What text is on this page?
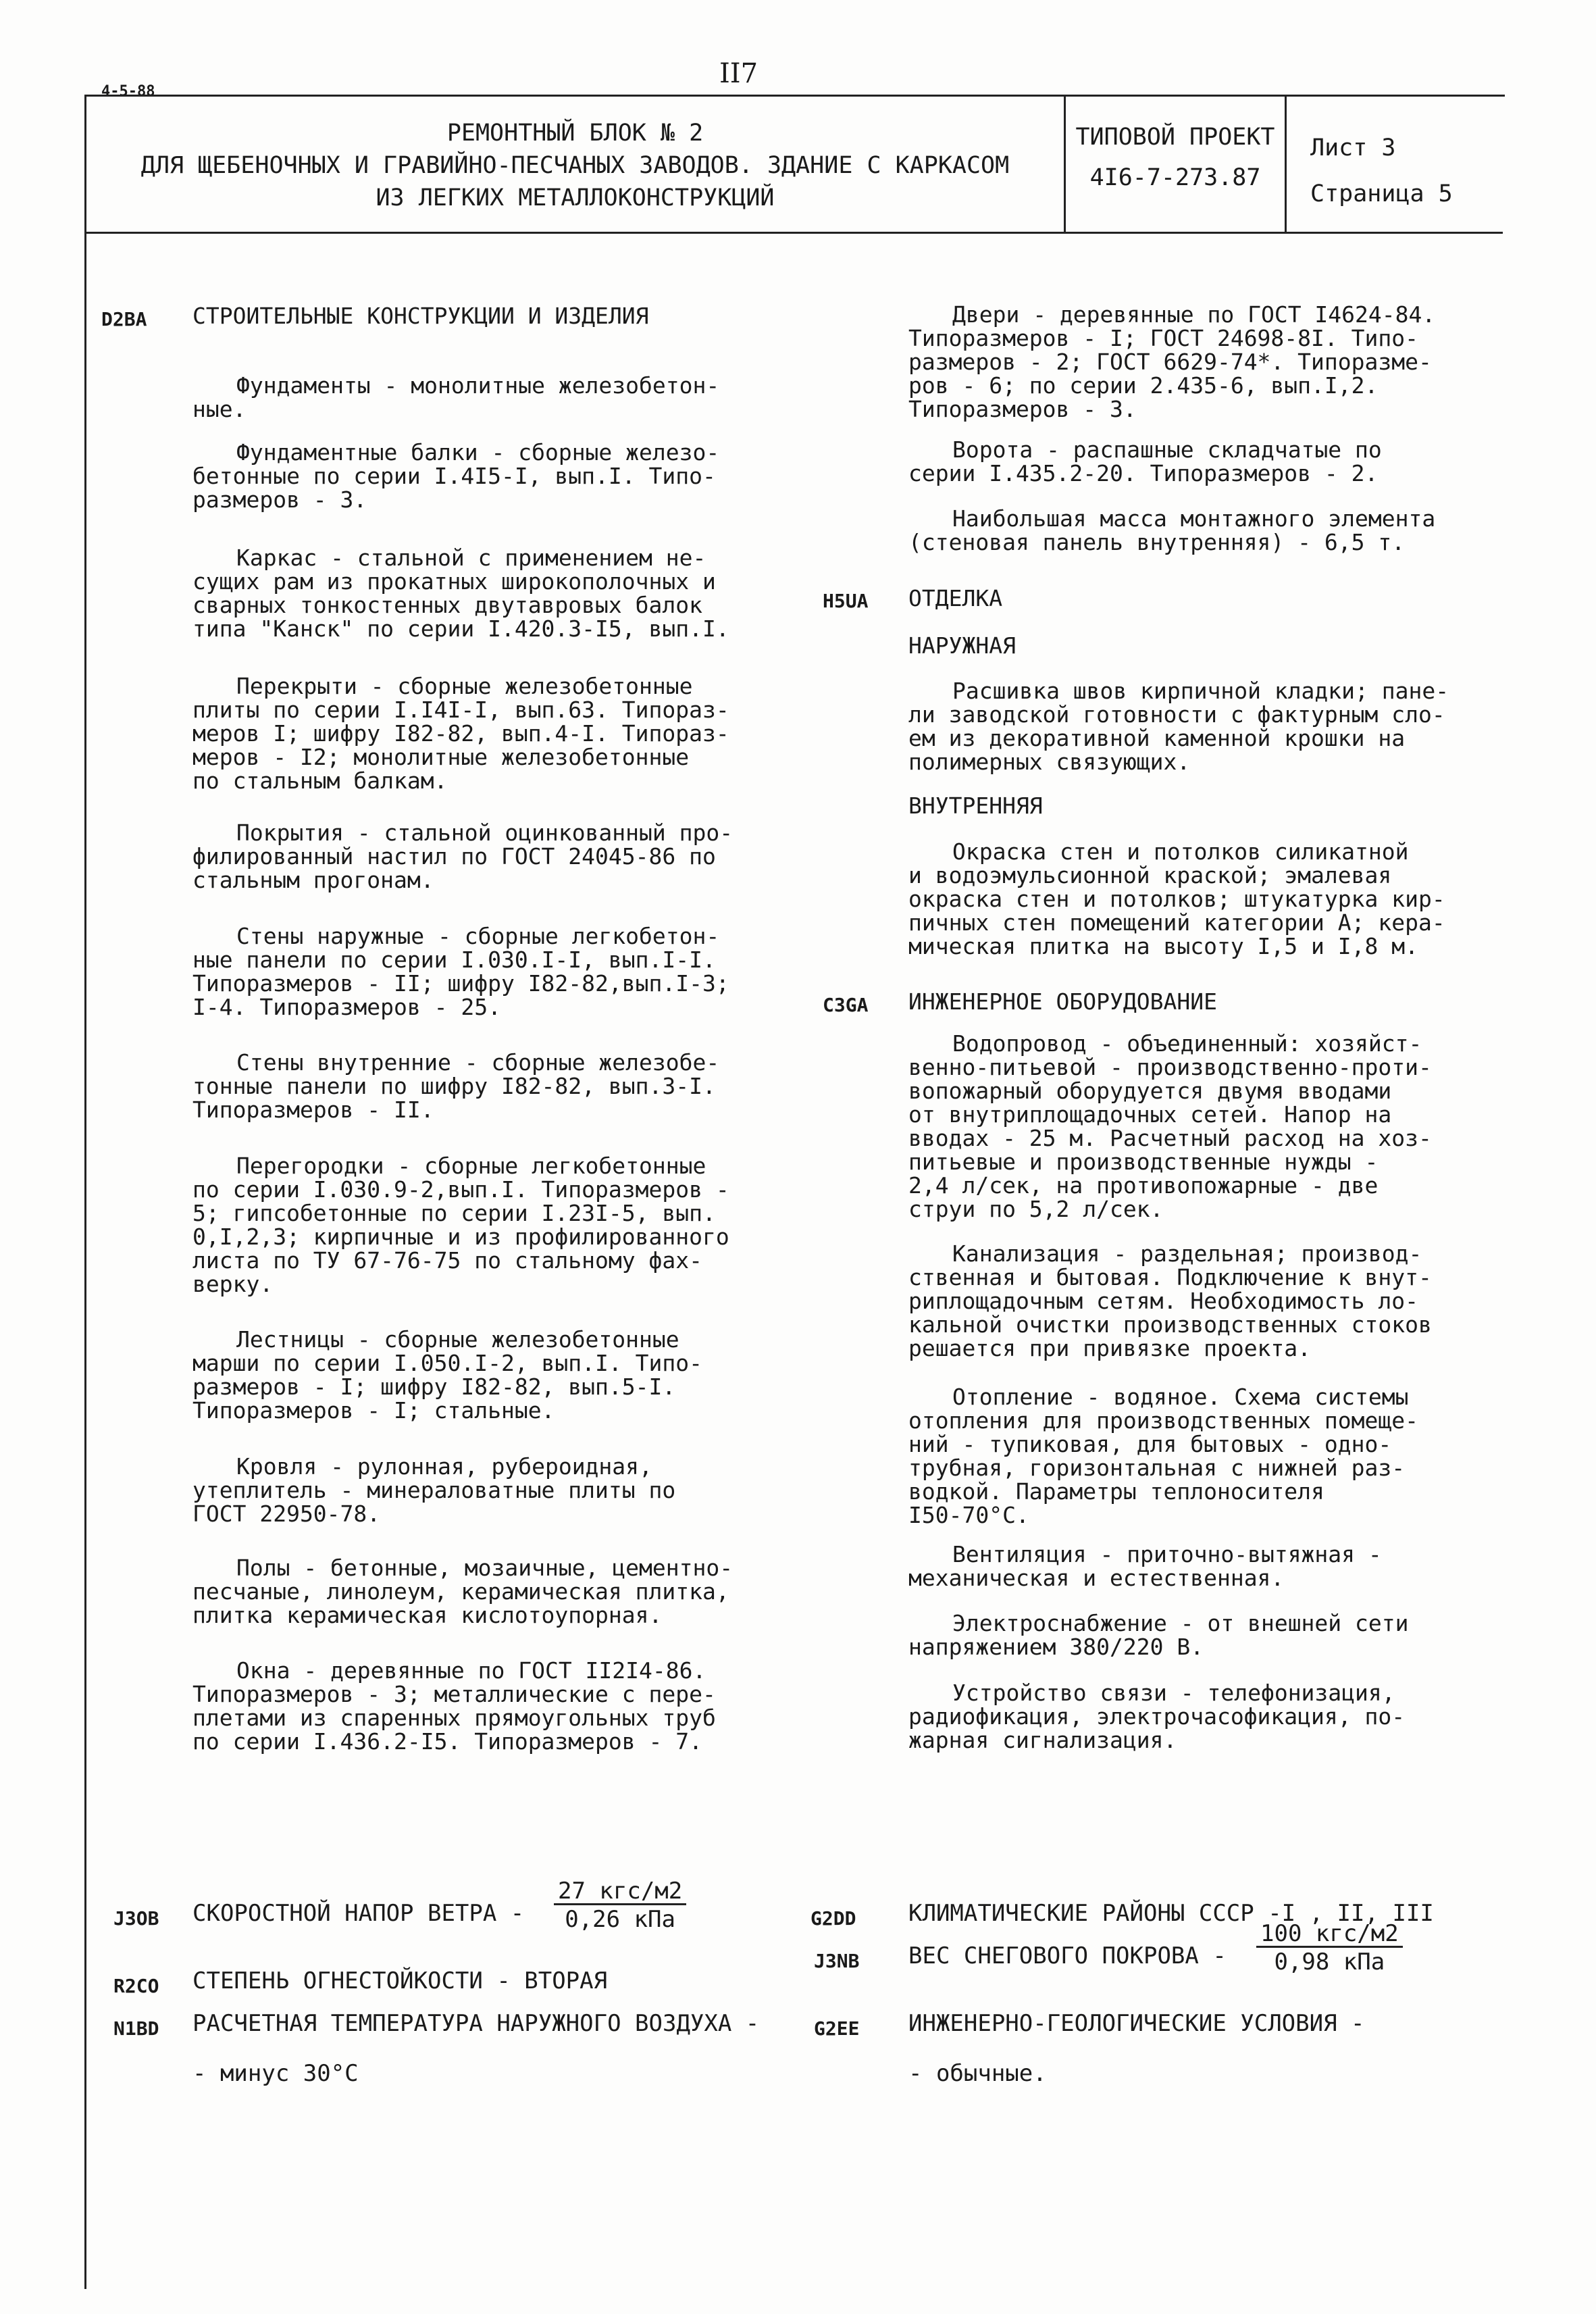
4-5-88
II7
РЕМОНТНЫЙ БЛОК № 2
ДЛЯ ЩЕБЕНОЧНЫХ И ГРАВИЙНО-ПЕСЧАНЫХ ЗАВОДОВ. ЗДАНИЕ С КАРКАСОМ
ИЗ ЛЕГКИХ МЕТАЛЛОКОНСТРУКЦИЙ
ТИПОВОЙ ПРОЕКТ
4I6-7-273.87
Лист 3
Страница 5
D2BA СТРОИТЕЛЬНЫЕ КОНСТРУКЦИИ И ИЗДЕЛИЯ

Фундаменты - монолитные железобетон-
ные.

Фундаментные балки - сборные железо-
бетонные по серии I.4I5-I, вып.I. Типо-
размеров - 3.

Каркас - стальной с применением не-
сущих рам из прокатных широкополочных и
сварных тонкостенных двутавровых балок
типа "Канск" по серии I.420.3-I5, вып.I.

Перекрыти - сборные железобетонные
плиты по серии I.I4I-I, вып.63. Типораз-
меров I; шифру I82-82, вып.4-I. Типораз-
меров - I2; монолитные железобетонные
по стальным балкам.

Покрытия - стальной оцинкованный про-
филированный настил по ГОСТ 24045-86 по
стальным прогонам.

Стены наружные - сборные легкобетон-
ные панели по серии I.030.I-I, вып.I-I.
Типоразмеров - II; шифру I82-82,вып.I-3;
I-4. Типоразмеров - 25.

Стены внутренние - сборные железобе-
тонные панели по шифру I82-82, вып.3-I.
Типоразмеров - II.

Перегородки - сборные легкобетонные
по серии I.030.9-2,вып.I. Типоразмеров -
5; гипсобетонные по серии I.23I-5, вып.
0,I,2,3; кирпичные и из профилированного
листа по ТУ 67-76-75 по стальному фах-
верку.

Лестницы - сборные железобетонные
марши по серии I.050.I-2, вып.I. Типо-
размеров - I; шифру I82-82, вып.5-I.
Типоразмеров - I; стальные.

Кровля - рулонная, рубероидная,
утеплитель - минераловатные плиты по
ГОСТ 22950-78.

Полы - бетонные, мозаичные, цементно-
песчаные, линолеум, керамическая плитка,
плитка керамическая кислотоупорная.

Окна - деревянные по ГОСТ II2I4-86.
Типоразмеров - 3; металлические с пере-
плетами из спаренных прямоугольных труб
по серии I.436.2-I5. Типоразмеров - 7.

Двери - деревянные по ГОСТ I4624-84.
Типоразмеров - I; ГОСТ 24698-8I. Типо-
размеров - 2; ГОСТ 6629-74*. Типоразме-
ров - 6; по серии 2.435-6, вып.I,2.
Типоразмеров - 3.

Ворота - распашные складчатые по
серии I.435.2-20. Типоразмеров - 2.

Наибольшая масса монтажного элемента
(стеновая панель внутренняя) - 6,5 т.

H5UA ОТДЕЛКА
НАРУЖНАЯ

Расшивка швов кирпичной кладки; пане-
ли заводской готовности с фактурным сло-
ем из декоративной каменной крошки на
полимерных связующих.

ВНУТРЕННЯЯ

Окраска стен и потолков силикатной
и водоэмульсионной краской; эмалевая
окраска стен и потолков; штукатурка кир-
пичных стен помещений категории А; кера-
мическая плитка на высоту I,5 и I,8 м.

C3GA ИНЖЕНЕРНОЕ ОБОРУДОВАНИЕ

Водопровод - объединенный: хозяйст-
венно-питьевой - производственно-проти-
вопожарный оборудуется двумя вводами
от внутриплощадочных сетей. Напор на
вводах - 25 м. Расчетный расход на хоз-
питьевые и производственные нужды -
2,4 л/сек, на противопожарные - две
струи по 5,2 л/сек.

Канализация - раздельная; производ-
ственная и бытовая. Подключение к внут-
риплощадочным сетям. Необходимость ло-
кальной очистки производственных стоков
решается при привязке проекта.

Отопление - водяное. Схема системы
отопления для производственных помеще-
ний - тупиковая, для бытовых - одно-
трубная, горизонтальная с нижней раз-
водкой. Параметры теплоносителя
I50-70°С.

Вентиляция - приточно-вытяжная -
механическая и естественная.

Электроснабжение - от внешней сети
напряжением 380/220 В.

Устройство связи - телефонизация,
радиофикация, электрочасофикация, по-
жарная сигнализация.

J3OB СКОРОСТНОЙ НАПОР ВЕТРА -
27 кгс/м2
0,26 кПа
R2CO СТЕПЕНЬ ОГНЕСТОЙКОСТИ - ВТОРАЯ
N1BD РАСЧЕТНАЯ ТЕМПЕРАТУРА НАРУЖНОГО ВОЗДУХА -
- минус 30°С
G2DD КЛИМАТИЧЕСКИЕ РАЙОНЫ СССР -I , II, III
J3NB ВЕС СНЕГОВОГО ПОКРОВА -
100 кгс/м2
0,98 кПа
G2EE ИНЖЕНЕРНО-ГЕОЛОГИЧЕСКИЕ УСЛОВИЯ -
- обычные.
